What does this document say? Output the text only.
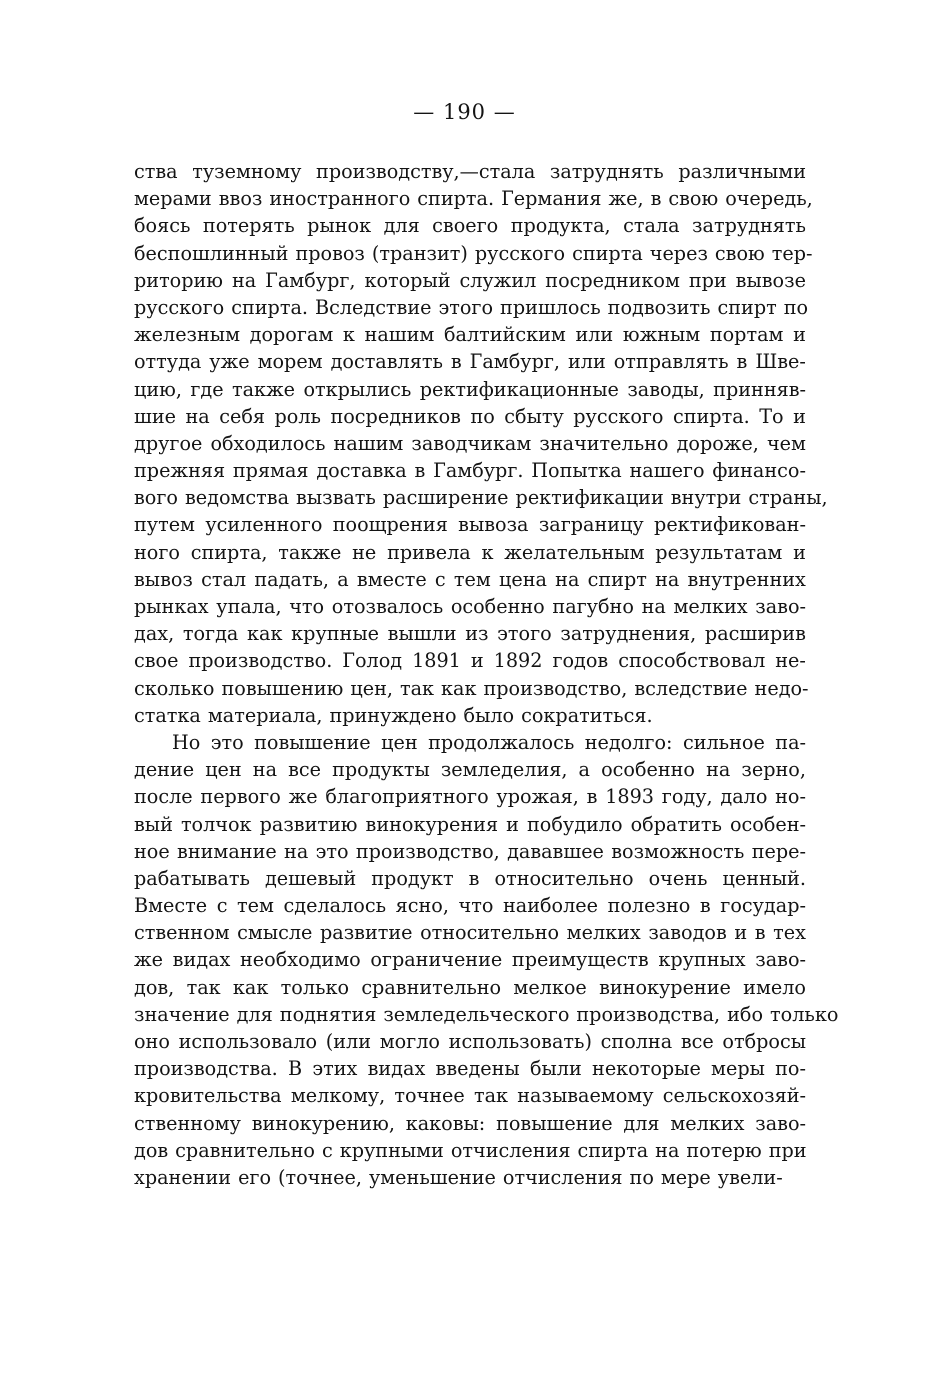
— 190 —
ства туземному производству,—стала затруднять различными
мерами ввоз иностранного спирта. Германия же, в свою очередь,
боясь потерять рынок для своего продукта, стала затруднять
беспошлинный провоз (транзит) русского спирта через свою тер-
риторию на Гамбург, который служил посредником при вывозе
русского спирта. Вследствие этого пришлось подвозить спирт по
железным дорогам к нашим балтийским или южным портам и
оттуда уже морем доставлять в Гамбург, или отправлять в Шве-
цию, где также открылись ректификационные заводы, принняв-
шие на себя роль посредников по сбыту русского спирта. То и
другое обходилось нашим заводчикам значительно дороже, чем
прежняя прямая доставка в Гамбург. Попытка нашего финансо-
вого ведомства вызвать расширение ректификации внутри страны,
путем усиленного поощрения вывоза заграницу ректификован-
ного спирта, также не привела к желательным результатам и
вывоз стал падать, а вместе с тем цена на спирт на внутренних
рынках упала, что отозвалось особенно пагубно на мелких заво-
дах, тогда как крупные вышли из этого затруднения, расширив
свое производство. Голод 1891 и 1892 годов способствовал не-
сколько повышению цен, так как производство, вследствие недо-
статка материала, принуждено было сократиться.
Но это повышение цен продолжалось недолго: сильное па-
дение цен на все продукты земледелия, а особенно на зерно,
после первого же благоприятного урожая, в 1893 году, дало но-
вый толчок развитию винокурения и побудило обратить особен-
ное внимание на это производство, дававшее возможность пере-
рабатывать дешевый продукт в относительно очень ценный.
Вместе с тем сделалось ясно, что наиболее полезно в государ-
ственном смысле развитие относительно мелких заводов и в тех
же видах необходимо ограничение преимуществ крупных заво-
дов, так как только сравнительно мелкое винокурение имело
значение для поднятия земледельческого производства, ибо только
оно использовало (или могло использовать) сполна все отбросы
производства. В этих видах введены были некоторые меры по-
кровительства мелкому, точнее так называемому сельскохозяй-
ственному винокурению, каковы: повышение для мелких заво-
дов сравнительно с крупными отчисления спирта на потерю при
хранении его (точнее, уменьшение отчисления по мере увели-
